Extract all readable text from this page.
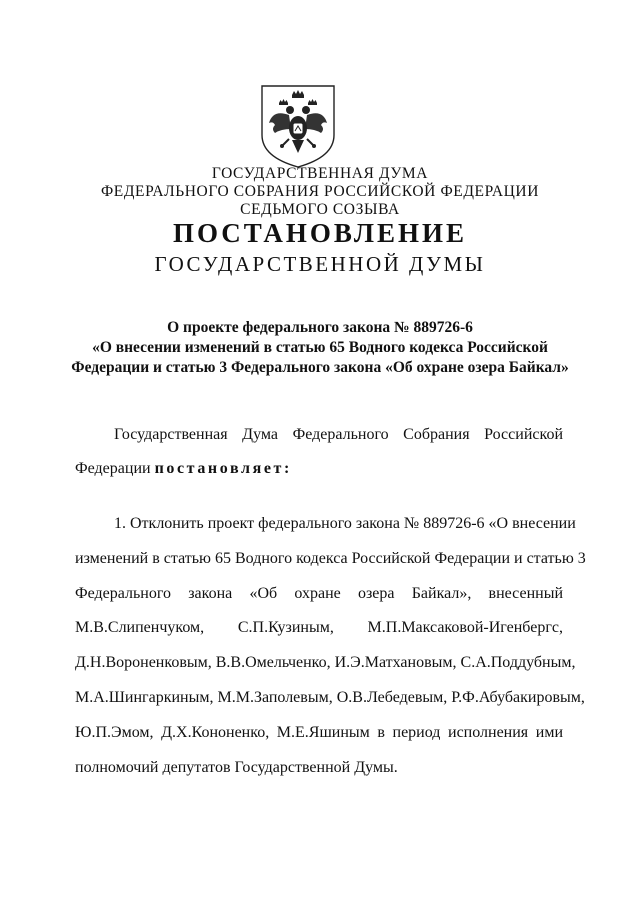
ГОСУДАРСТВЕННАЯ ДУМА
ФЕДЕРАЛЬНОГО СОБРАНИЯ РОССИЙСКОЙ ФЕДЕРАЦИИ
СЕДЬМОГО СОЗЫВА
ПОСТАНОВЛЕНИЕ
ГОСУДАРСТВЕННОЙ ДУМЫ
О проекте федерального закона № 889726-6
«О внесении изменений в статью 65 Водного кодекса Российской
Федерации и статью 3 Федерального закона «Об охране озера Байкал»
Государственная Дума Федерального Собрания Российской
Федерации постановляет:
1. Отклонить проект федерального закона № 889726-6 «О внесении
изменений в статью 65 Водного кодекса Российской Федерации и статью 3
Федерального закона «Об охране озера Байкал», внесенный
М.В.Слипенчуком, С.П.Кузиным, М.П.Максаковой-Игенбергс,
Д.Н.Вороненковым, В.В.Омельченко, И.Э.Матхановым, С.А.Поддубным,
М.А.Шингаркиным, М.М.Заполевым, О.В.Лебедевым, Р.Ф.Абубакировым,
Ю.П.Эмом, Д.Х.Кононенко, М.Е.Яшиным в период исполнения ими
полномочий депутатов Государственной Думы.
